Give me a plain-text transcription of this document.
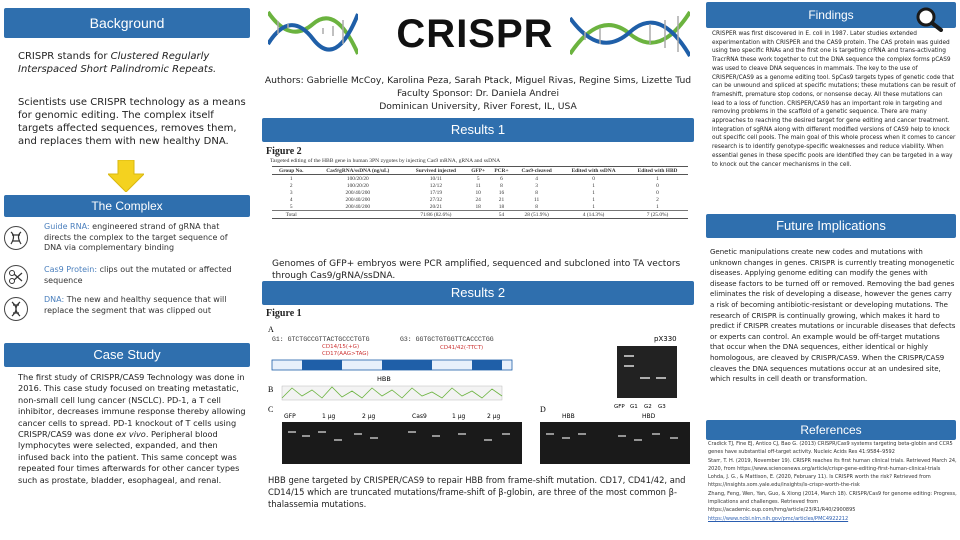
Background
CRISPR stands for Clustered Regularly Interspaced Short Palindromic Repeats.
Scientists use CRISPR technology as a means for genomic editing. The complex itself targets affected sequences, removes them, and replaces them with new healthy DNA.
The Complex
Guide RNA: engineered strand of gRNA that directs the complex to the target sequence of DNA via complementary binding
Cas9 Protein: clips out the mutated or affected sequence
DNA: The new and healthy sequence that will replace the segment that was clipped out
Case Study
The first study of CRISPR/CAS9 Technology was done in 2016. This case study focused on treating metastatic, non-small cell lung cancer (NSCLC). PD-1, a T cell inhibitor, decreases immune response thereby allowing cancer cells to spread. PD-1 knockout of T cells using CRISPR/CAS9 was done ex vivo. Peripheral blood lymphocytes were selected, expanded, and then infused back into the patient. This same concept was repeated four times afterwards for other cancer types such as prostate, bladder, esophageal, and renal.
CRISPR
Authors: Gabrielle McCoy, Karolina Peza, Sarah Ptack, Miguel Rivas, Regine Sims, Lizette Tud
Faculty Sponsor: Dr. Daniela Andrei
Dominican University, River Forest, IL, USA
Results 1
Figure 2
Targeted editing of the HBB gene in human 3PN zygotes by injecting Cas9 mRNA, gRNA and ssDNA
Group No.	Cas9/gRNA/ssDNA (ng/uL)	Survived injected	GFP+	PCR+	Cas9-cleaved	Edited with ssDNA	Edited with HBD
1	100/20/20	10/11	5	6	4	0	1
2	100/20/20	12/12	11	8	3	1	0
3	200/40/200	17/19	10	16	8	1	0
4	200/40/200	27/32	24	21	11	1	2
5	200/40/200	20/21	18	18	8	1	1
Total		71/86 (82.6%)		54	28 (51.9%)	4 (14.3%)	7 (25.0%)
Genomes of GFP+ embryos were PCR amplified, sequenced and subcloned into TA vectors through Cas9/gRNA/ssDNA.
Results 2
Figure 1
A
G1: GTCTGCCGTTACTGCCCTGTG	G3: GGTGCTGTGGTTCACCCTGG
CD14/15(+G)
CD17(AAG>TAG)
CD41/42(-TTCT)
HBB
B
pX330
GFP G1 G2 G3
C
GFP	1 μg	2 μg	Cas9	1 μg	2 μg
D
HBB	HBD
HBB gene targeted by CRISPER/CAS9 to repair HBB from frame-shift mutation. CD17, CD41/42, and CD14/15 which are truncated mutations/frame-shift of β-globin, are three of the most common β-thalassemia mutations.
Findings
CRISPER was first discovered in E. coli in 1987. Later studies extended experimentation with CRISPER and the CAS9 protein. The CAS protein was guided using two specific RNAs and the first one is targeting crRNA and trans-activating TracrRNA these work together to cut the DNA sequence the complex forms pCAS9 was used to cleave DNA sequences in mammals. The key to the use of CRISPER/CAS9 as a genome editing tool. SpCas9 targets types of genetic code that can be unwound and spliced at specific mutations; these mutations can be result of frameshift, premature stop codons, or nonsense decay. All these mutations can lead to a loss of function. CRISPER/CAS9 has an important role in targeting and removing problems in the scaffold of a genetic sequence. There are many approaches to reaching the desired target for gene editing and cancer treatment. Integration of sgRNA along with different modified versions of CAS9 help to knock out specific cell pools. The main goal of this whole process when it comes to cancer research is to identify genotype-specific weaknesses and reduce viability. When essential genes in these specific pools are identified they can be targeted in a way to knock out the cancer mechanisms in the cell.
Future Implications
Genetic manipulations create new codes and mutations with unknown changes in genes. CRISPR is currently treating monogenetic diseases. Applying genome editing can modify the genes with disease factors to be turned off or removed. Removing the bad genes eliminates the risk of developing a disease, however the genes carry a risk of becoming antibiotic-resistant or developing mutations. The research of CRISPR is continually growing, which makes it hard to predict if CRISPR creates mutations or incurable diseases that defects or experts can control. An example would be off-target mutations that occur when the DNA sequences, either identical or highly homologous, are cleaved by CRISPR/CAS9. When the CRISPR/CAS9 cleaves the DNA sequences mutations occur at an undesired site, which results in cell death or transformation.
References
Cradick TJ, Fine EJ, Antico CJ, Bao G. (2013) CRISPR/Cas9 systems targeting beta-globin and CCR5 genes have substantial off-target activity. Nucleic Acids Res 41:9584–9592
Starr, T. H. (2019, November 19). CRISPR reaches its first human clinical trials. Retrieved March 24, 2020, from https://www.sciencenews.org/article/crispr-gene-editing-first-human-clinical-trials
Lohda, J. G., & Mattison, E. (2020, February 11). Is CRISPR worth the risk? Retrieved from https://insights.som.yale.edu/insights/is-crispr-worth-the-risk
Zhang, Feng, Wen, Yan, Guo, & Xiong (2014, March 18). CRISPR/Cas9 for genome editing: Progress, implications and challenges. Retrieved from https://academic.oup.com/hmg/article/23/R1/R40/2900895
https://www.ncbi.nlm.nih.gov/pmc/articles/PMC4922212
